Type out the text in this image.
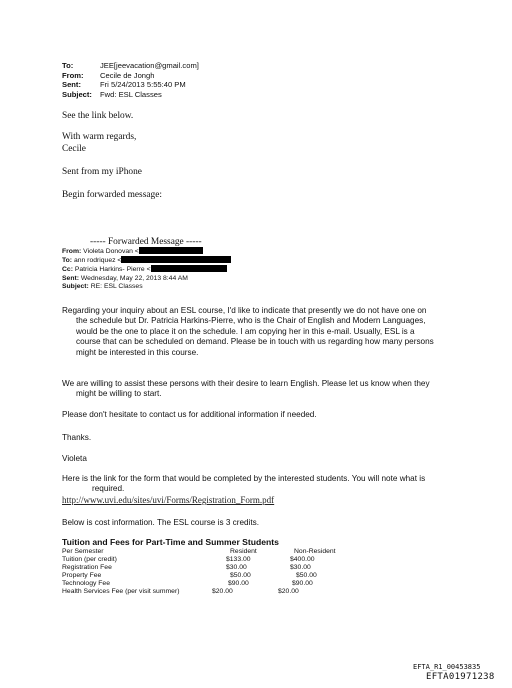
To:	JEE[jeevacation@gmail.com]
From: Cecile de Jongh
Sent:	Fri 5/24/2013 5:55:40 PM
Subject: Fwd: ESL Classes
See the link below.
With warm regards,
Cecile
Sent from my iPhone
Begin forwarded message:
----- Forwarded Message -----
From: Violeta Donovan <
To: ann rodriquez <
Cc: Patricia Harkins- Pierre <
Sent: Wednesday, May 22, 2013 8:44 AM
Subject: RE: ESL Classes
Regarding your inquiry about an ESL course, I'd like to indicate that presently we do not have one on the schedule but Dr. Patricia Harkins-Pierre, who is the Chair of English and Modern Languages, would be the one to place it on the schedule. I am copying her in this e-mail. Usually, ESL is a course that can be scheduled on demand. Please be in touch with us regarding how many persons might be interested in this course.
We are willing to assist these persons with their desire to learn English. Please let us know when they might be willing to start.
Please don't hesitate to contact us for additional information if needed.
Thanks.
Violeta
Here is the link for the form that would be completed by the interested students. You will note what is required.
http://www.uvi.edu/sites/uvi/Forms/Registration_Form.pdf
Below is cost information. The ESL course is 3 credits.
Tuition and Fees for Part-Time and Summer Students
Per Semester	Resident	Non-Resident
Tuition (per credit)	$133.00	$400.00
Registration Fee	$30.00	$30.00
Property Fee	$50.00	$50.00
Technology Fee	$90.00	$90.00
Health Services Fee (per visit summer)	$20.00	$20.00
EFTA_R1_00453835
EFTA01971238
